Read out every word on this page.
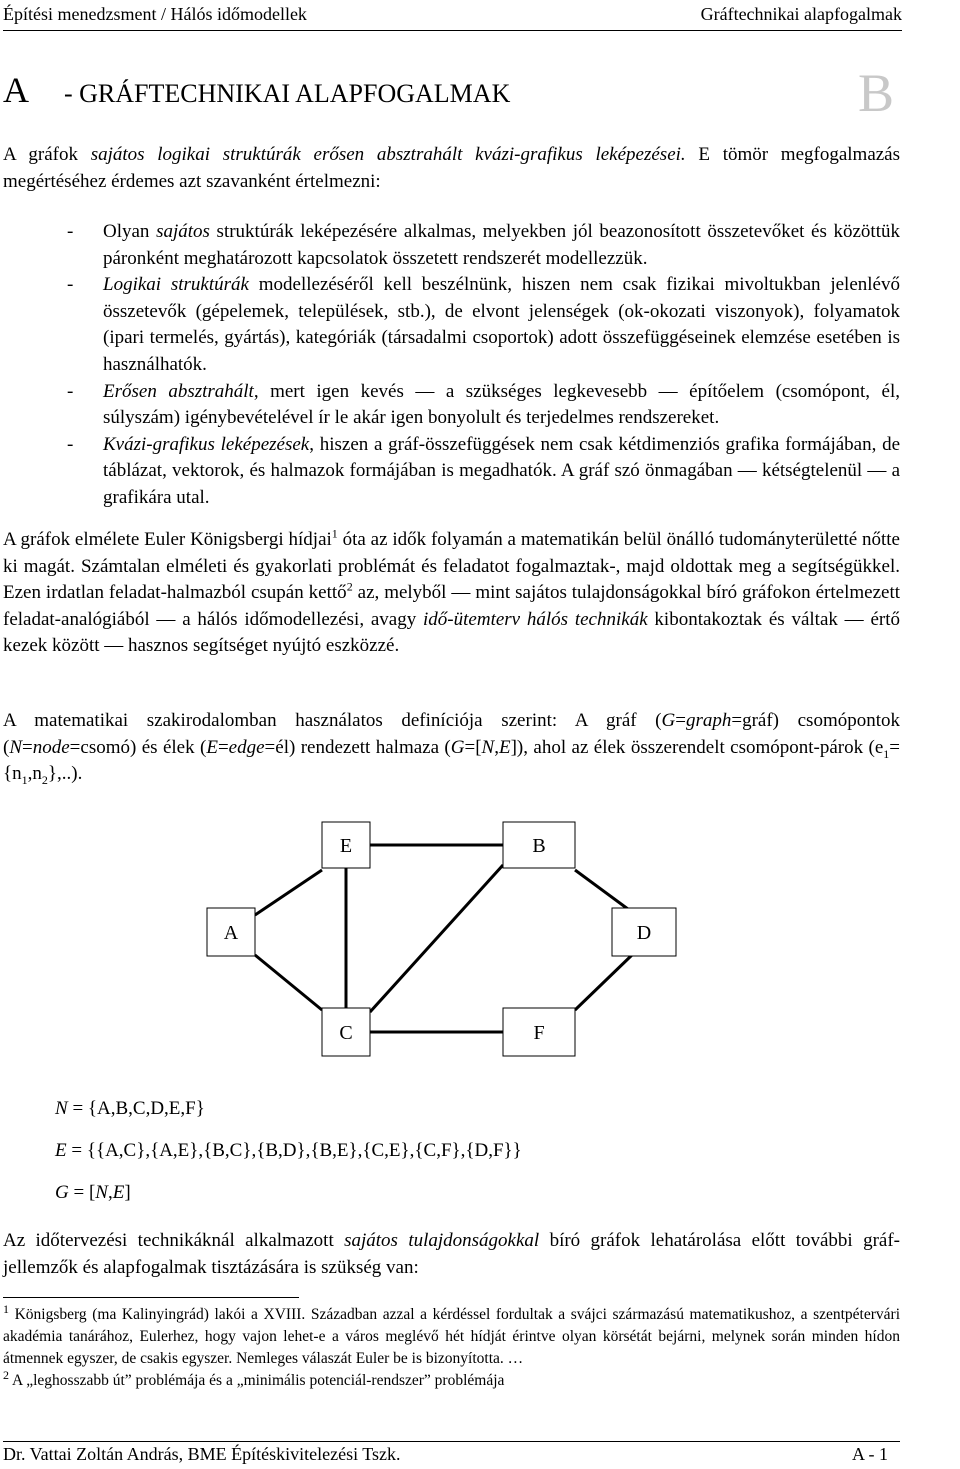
Építési menedzsment / Hálós időmodellek	Gráftechnikai alapfogalmak
A - GRÁFTECHNIKAI ALAPFOGALMAK	B

A gráfok sajátos logikai struktúrák erősen absztrahált kvázi-grafikus leképezései. E tömör megfogalmazás megértéséhez érdemes azt szavanként értelmezni:

- Olyan sajátos struktúrák leképezésére alkalmas, melyekben jól beazonosított összetevőket és közöttük páronként meghatározott kapcsolatok összetett rendszerét modellezzük.

- Logikai struktúrák modellezéséről kell beszélnünk, hiszen nem csak fizikai mivoltukban jelenlévő összetevők (gépelemek, települések, stb.), de elvont jelenségek (ok-okozati viszonyok), folyamatok (ipari termelés, gyártás), kategóriák (társadalmi csoportok) adott összefüggéseinek elemzése esetében is használhatók.

- Erősen absztrahált, mert igen kevés — a szükséges legkevesebb — építőelem (csomópont, él, súlyszám) igénybevételével ír le akár igen bonyolult és terjedelmes rendszereket.

- Kvázi-grafikus leképezések, hiszen a gráf-összefüggések nem csak kétdimenziós grafika formájában, de táblázat, vektorok, és halmazok formájában is megadhatók. A gráf szó önmagában — kétségtelenül — a grafikára utal.

A gráfok elmélete Euler Königsbergi hídjai$^1$ óta az idők folyamán a matematikán belül önálló tudományterületté nőtte ki magát. Számtalan elméleti és gyakorlati problémát és feladatot fogalmaztak-, majd oldottak meg a segítségükkel. Ezen irdatlan feladat-halmazból csupán kettő$^2$ az, melyből — mint sajátos tulajdonságokkal bíró gráfokon értelmezett feladat-analógiából — a hálós időmodellezési, avagy idő-ütemterv hálós technikák kibontakoztak és váltak — értő kezek között — hasznos segítséget nyújtó eszközzé.

A matematikai szakirodalomban használatos definíciója szerint: A gráf (G=graph=gráf) csomópontok (N=node=csomó) és élek (E=edge=él) rendezett halmaza (G=[N,E]), ahol az élek összerendelt csomópont-párok $(e_1=\{n_1,n_2\},..)$.

E	B
A	D
C	F
N = {A,B,C,D,E,F}
E = {{A,C},{A,E},{B,C},{B,D},{B,E},{C,E},{C,F},{D,F}}
G = [N,E]

Az időtervezési technikáknál alkalmazott sajátos tulajdonságokkal bíró gráfok lehatárolása előtt további gráf-jellemzők és alapfogalmak tisztázására is szükség van:

$^1$ Königsberg (ma Kalinyingrád) lakói a XVIII. Században azzal a kérdéssel fordultak a svájci származású matematikushoz, a szentpétervári akadémia tanárához, Eulerhez, hogy vajon lehet-e a város meglévő hét hídját érintve olyan körsétát bejárni, melynek során minden hídon átmennek egyszer, de csakis egyszer. Nemleges válaszát Euler be is bizonyította. …

$^2$ A „leghosszabb út” problémája és a „minimális potenciál-rendszer” problémája

Dr. Vattai Zoltán András, BME Építéskivitelezési Tszk.	A - 1
